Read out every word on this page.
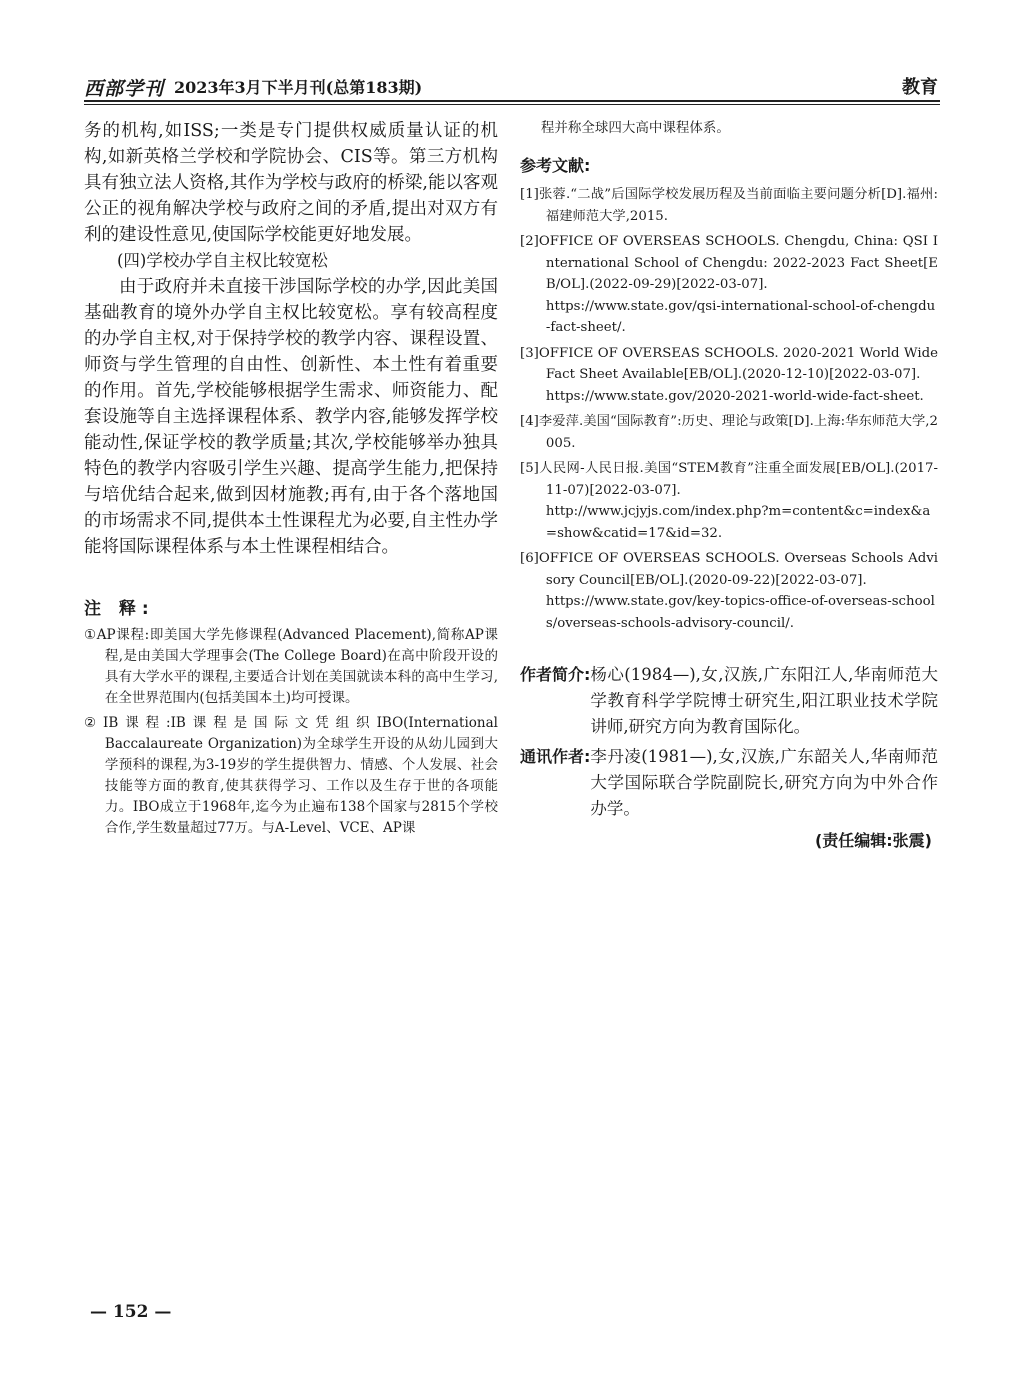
西部学刊 2023年3月下半月刊(总第183期)	教育

务的机构,如ISS;一类是专门提供权威质量认证的机构,如新英格兰学校和学院协会、CIS等。第三方机构具有独立法人资格,其作为学校与政府的桥梁,能以客观公正的视角解决学校与政府之间的矛盾,提出对双方有利的建设性意见,使国际学校能更好地发展。

(四)学校办学自主权比较宽松

由于政府并未直接干涉国际学校的办学,因此美国基础教育的境外办学自主权比较宽松。享有较高程度的办学自主权,对于保持学校的教学内容、课程设置、师资与学生管理的自由性、创新性、本土性有着重要的作用。首先,学校能够根据学生需求、师资能力、配套设施等自主选择课程体系、教学内容,能够发挥学校能动性,保证学校的教学质量;其次,学校能够举办独具特色的教学内容吸引学生兴趣、提高学生能力,把保持与培优结合起来,做到因材施教;再有,由于各个落地国的市场需求不同,提供本土性课程尤为必要,自主性办学能将国际课程体系与本土性课程相结合。

注 释:

①AP课程:即美国大学先修课程(Advanced Placement),简称AP课程,是由美国大学理事会(The College Board)在高中阶段开设的具有大学水平的课程,主要适合计划在美国就读本科的高中生学习,在全世界范围内(包括美国本土)均可授课。

②IB课程:IB课程是国际文凭组织IBO(International Baccalaureate Organization)为全球学生开设的从幼儿园到大学预科的课程,为3-19岁的学生提供智力、情感、个人发展、社会技能等方面的教育,使其获得学习、工作以及生存于世的各项能力。IBO成立于1968年,迄今为止遍布138个国家与2815个学校合作,学生数量超过77万。与A-Level、VCE、AP课

程并称全球四大高中课程体系。

参考文献:

[1]张蓉.“二战”后国际学校发展历程及当前面临主要问题分析[D].福州:福建师范大学,2015.

[2]OFFICE OF OVERSEAS SCHOOLS. Chengdu, China: QSI International School of Chengdu: 2022-2023 Fact Sheet[EB/OL].(2022-09-29)[2022-03-07].
https://www.state.gov/qsi-international-school-of-chengdu-fact-sheet/.

[3]OFFICE OF OVERSEAS SCHOOLS. 2020-2021 World Wide Fact Sheet Available[EB/OL].(2020-12-10)[2022-03-07].
https://www.state.gov/2020-2021-world-wide-fact-sheet.

[4]李爱萍.美国“国际教育”:历史、理论与政策[D].上海:华东师范大学,2005.

[5]人民网-人民日报.美国“STEM教育”注重全面发展[EB/OL].(2017-11-07)[2022-03-07].
http://www.jcjyjs.com/index.php?m=content&c=index&a=show&catid=17&id=32.

[6]OFFICE OF OVERSEAS SCHOOLS. Overseas Schools Advisory Council[EB/OL].(2020-09-22)[2022-03-07].
https://www.state.gov/key-topics-office-of-overseas-schools/overseas-schools-advisory-council/.

作者简介: 杨心(1984—),女,汉族,广东阳江人,华南师范大学教育科学学院博士研究生,阳江职业技术学院讲师,研究方向为教育国际化。
通讯作者: 李丹凌(1981—),女,汉族,广东韶关人,华南师范大学国际联合学院副院长,研究方向为中外合作办学。
(责任编辑:张震)
— 152 —
